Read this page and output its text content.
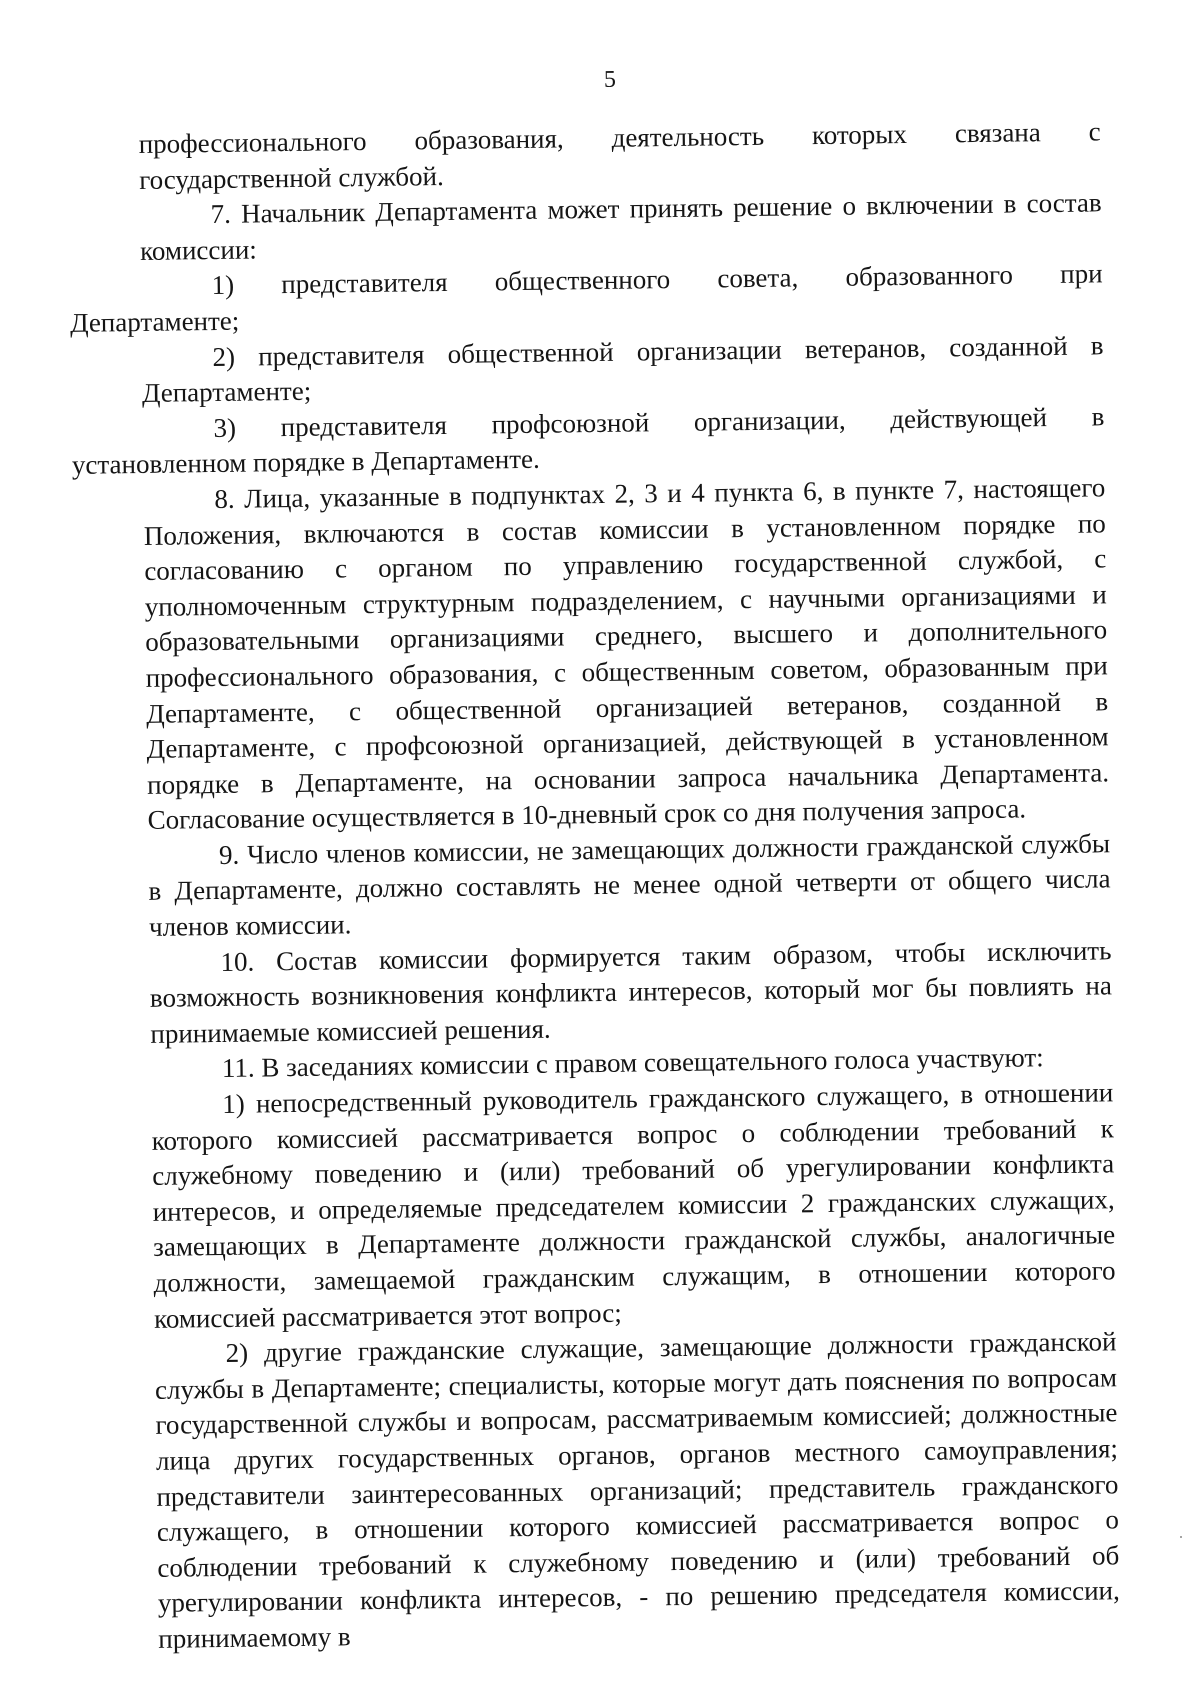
5

профессионального образования, деятельность которых связана с
государственной службой.

7. Начальник Департамента может принять решение о включении в состав комиссии:

1) представителя общественного совета, образованного при
Департаменте;

2) представителя общественной организации ветеранов, созданной в Департаменте;

3) представителя профсоюзной организации, действующей в
установленном порядке в Департаменте.

8. Лица, указанные в подпунктах 2, 3 и 4 пункта 6, в пункте 7, настоящего Положения, включаются в состав комиссии в установленном порядке по согласованию с органом по управлению государственной службой, с уполномоченным структурным подразделением, с научными организациями и образовательными организациями среднего, высшего и дополнительного профессионального образования, с общественным советом, образованным при Департаменте, с общественной организацией ветеранов, созданной в Департаменте, с профсоюзной организацией, действующей в установленном порядке в Департаменте, на основании запроса начальника Департамента. Согласование осуществляется в 10-дневный срок со дня получения запроса.

9. Число членов комиссии, не замещающих должности гражданской службы в Департаменте, должно составлять не менее одной четверти от общего числа членов комиссии.

10. Состав комиссии формируется таким образом, чтобы исключить возможность возникновения конфликта интересов, который мог бы повлиять на принимаемые комиссией решения.

11. В заседаниях комиссии с правом совещательного голоса участвуют:

1) непосредственный руководитель гражданского служащего, в отношении которого комиссией рассматривается вопрос о соблюдении требований к служебному поведению и (или) требований об урегулировании конфликта интересов, и определяемые председателем комиссии 2 гражданских служащих, замещающих в Департаменте должности гражданской службы, аналогичные должности, замещаемой гражданским служащим, в отношении которого комиссией рассматривается этот вопрос;

2) другие гражданские служащие, замещающие должности гражданской службы в Департаменте; специалисты, которые могут дать пояснения по вопросам государственной службы и вопросам, рассматриваемым комиссией; должностные лица других государственных органов, органов местного самоуправления; представители заинтересованных организаций; представитель гражданского служащего, в отношении которого комиссией рассматривается вопрос о соблюдении требований к служебному поведению и (или) требований об урегулировании конфликта интересов, - по решению председателя комиссии, принимаемому в
